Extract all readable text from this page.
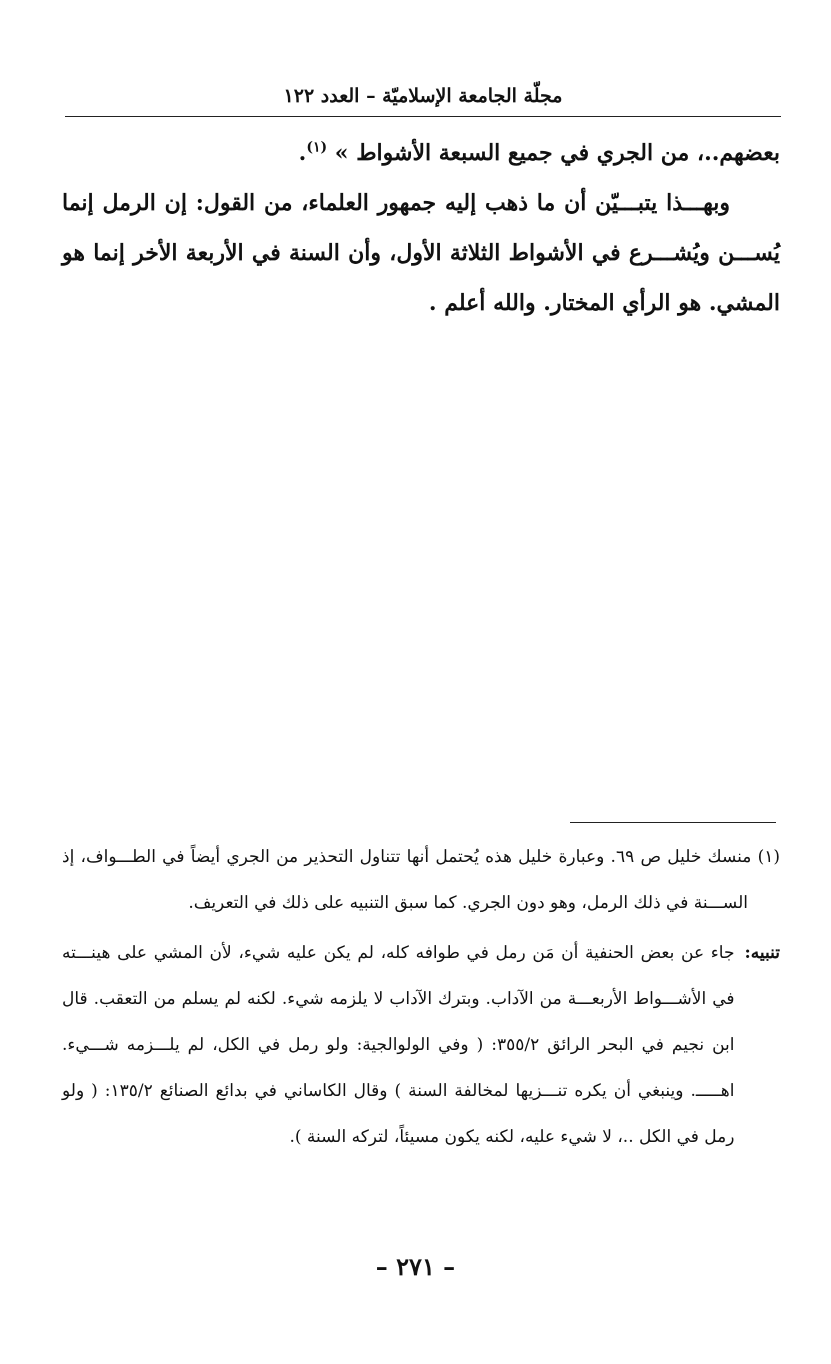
مجلّة الجامعة الإسلاميّة – العدد ١٢٢

بعضهم..، من الجري في جميع السبعة الأشواط » $^{(١)}$.

وبهـــذا يتبـــيّن أن ما ذهب إليه جمهور العلماء، من القول: إن الرمل إنما يُســـن ويُشـــرع في الأشواط الثلاثة الأول، وأن السنة في الأربعة الأخر إنما هو المشي. هو الرأي المختار. والله أعلم .

(١) منسك خليل ص ٦٩. وعبارة خليل هذه يُحتمل أنها تتناول التحذير من الجري أيضاً في الطـــواف، إذ الســـنة في ذلك الرمل، وهو دون الجري. كما سبق التنبيه على ذلك في التعريف.

تنبيه:
جاء عن بعض الحنفية أن مَن رمل في طوافه كله، لم يكن عليه شيء، لأن المشي على هينـــته في الأشـــواط الأربعـــة من الآداب. وبترك الآداب لا يلزمه شيء. لكنه لم يسلم من التعقب. قال ابن نجيم في البحر الرائق ٣٥٥/٢: ( وفي الولوالجية: ولو رمل في الكل، لم يلـــزمه شـــيء. اهـــــ. وينبغي أن يكره تنـــزيها لمخالفة السنة ) وقال الكاساني في بدائع الصنائع ١٣٥/٢: ( ولو رمل في الكل ..، لا شيء عليه، لكنه يكون مسيئاً، لتركه السنة ).
– ٢٧١ –
